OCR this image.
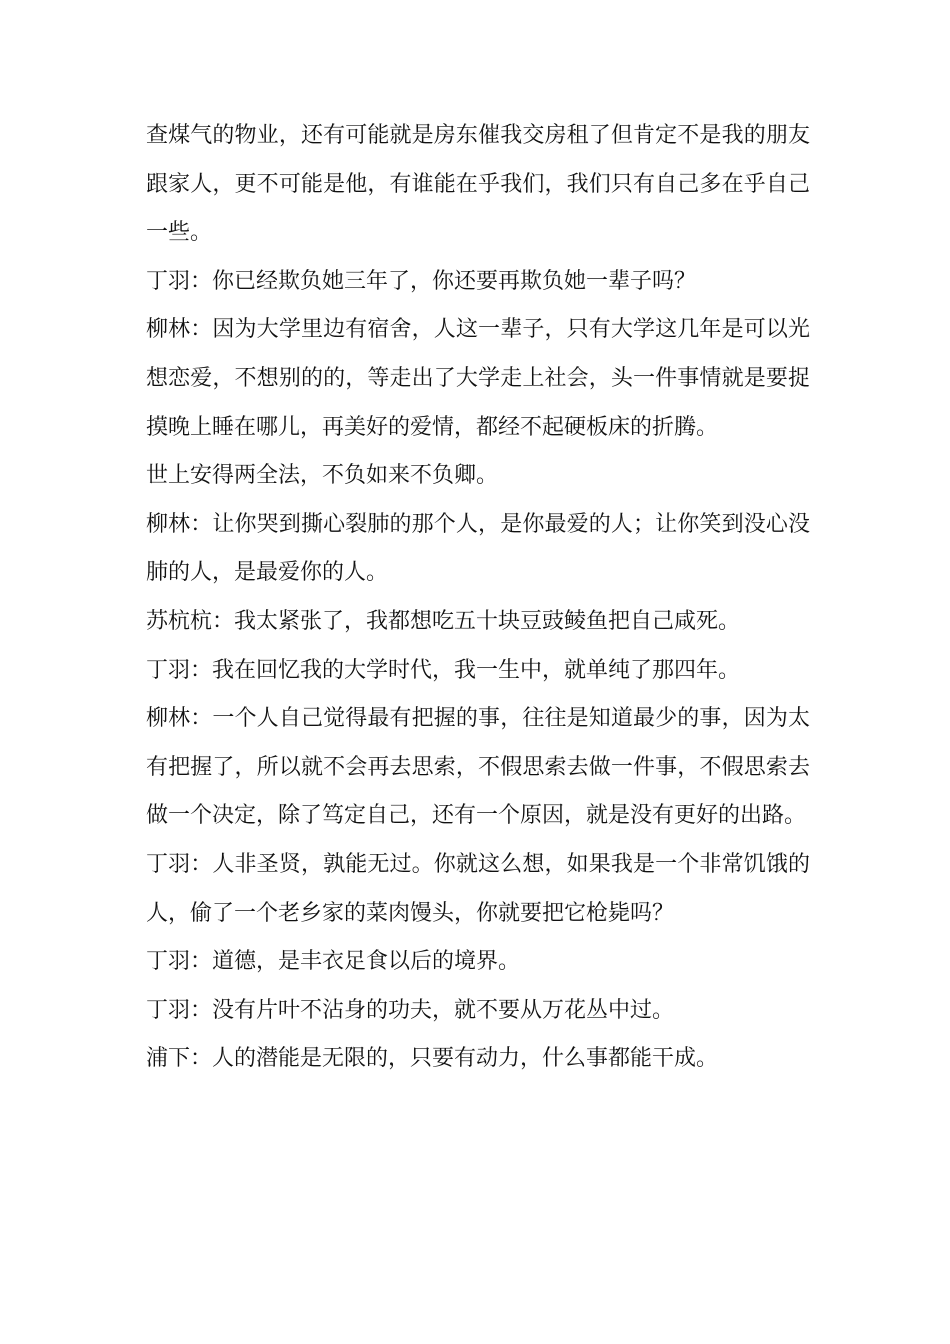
查煤气的物业，还有可能就是房东催我交房租了但肯定不是我的朋友跟家人，更不可能是他，有谁能在乎我们，我们只有自己多在乎自己一些。

丁羽：你已经欺负她三年了，你还要再欺负她一辈子吗？

柳林：因为大学里边有宿舍，人这一辈子，只有大学这几年是可以光想恋爱，不想别的的，等走出了大学走上社会，头一件事情就是要捉摸晚上睡在哪儿，再美好的爱情，都经不起硬板床的折腾。

世上安得两全法，不负如来不负卿。

柳林：让你哭到撕心裂肺的那个人，是你最爱的人；让你笑到没心没肺的人，是最爱你的人。

苏杭杭：我太紧张了，我都想吃五十块豆豉鲮鱼把自己咸死。

丁羽：我在回忆我的大学时代，我一生中，就单纯了那四年。

柳林：一个人自己觉得最有把握的事，往往是知道最少的事，因为太有把握了，所以就不会再去思索，不假思索去做一件事，不假思索去做一个决定，除了笃定自己，还有一个原因，就是没有更好的出路。

丁羽：人非圣贤，孰能无过。你就这么想，如果我是一个非常饥饿的人，偷了一个老乡家的菜肉馒头，你就要把它枪毙吗？

丁羽：道德，是丰衣足食以后的境界。

丁羽：没有片叶不沾身的功夫，就不要从万花丛中过。

浦下：人的潜能是无限的，只要有动力，什么事都能干成。
